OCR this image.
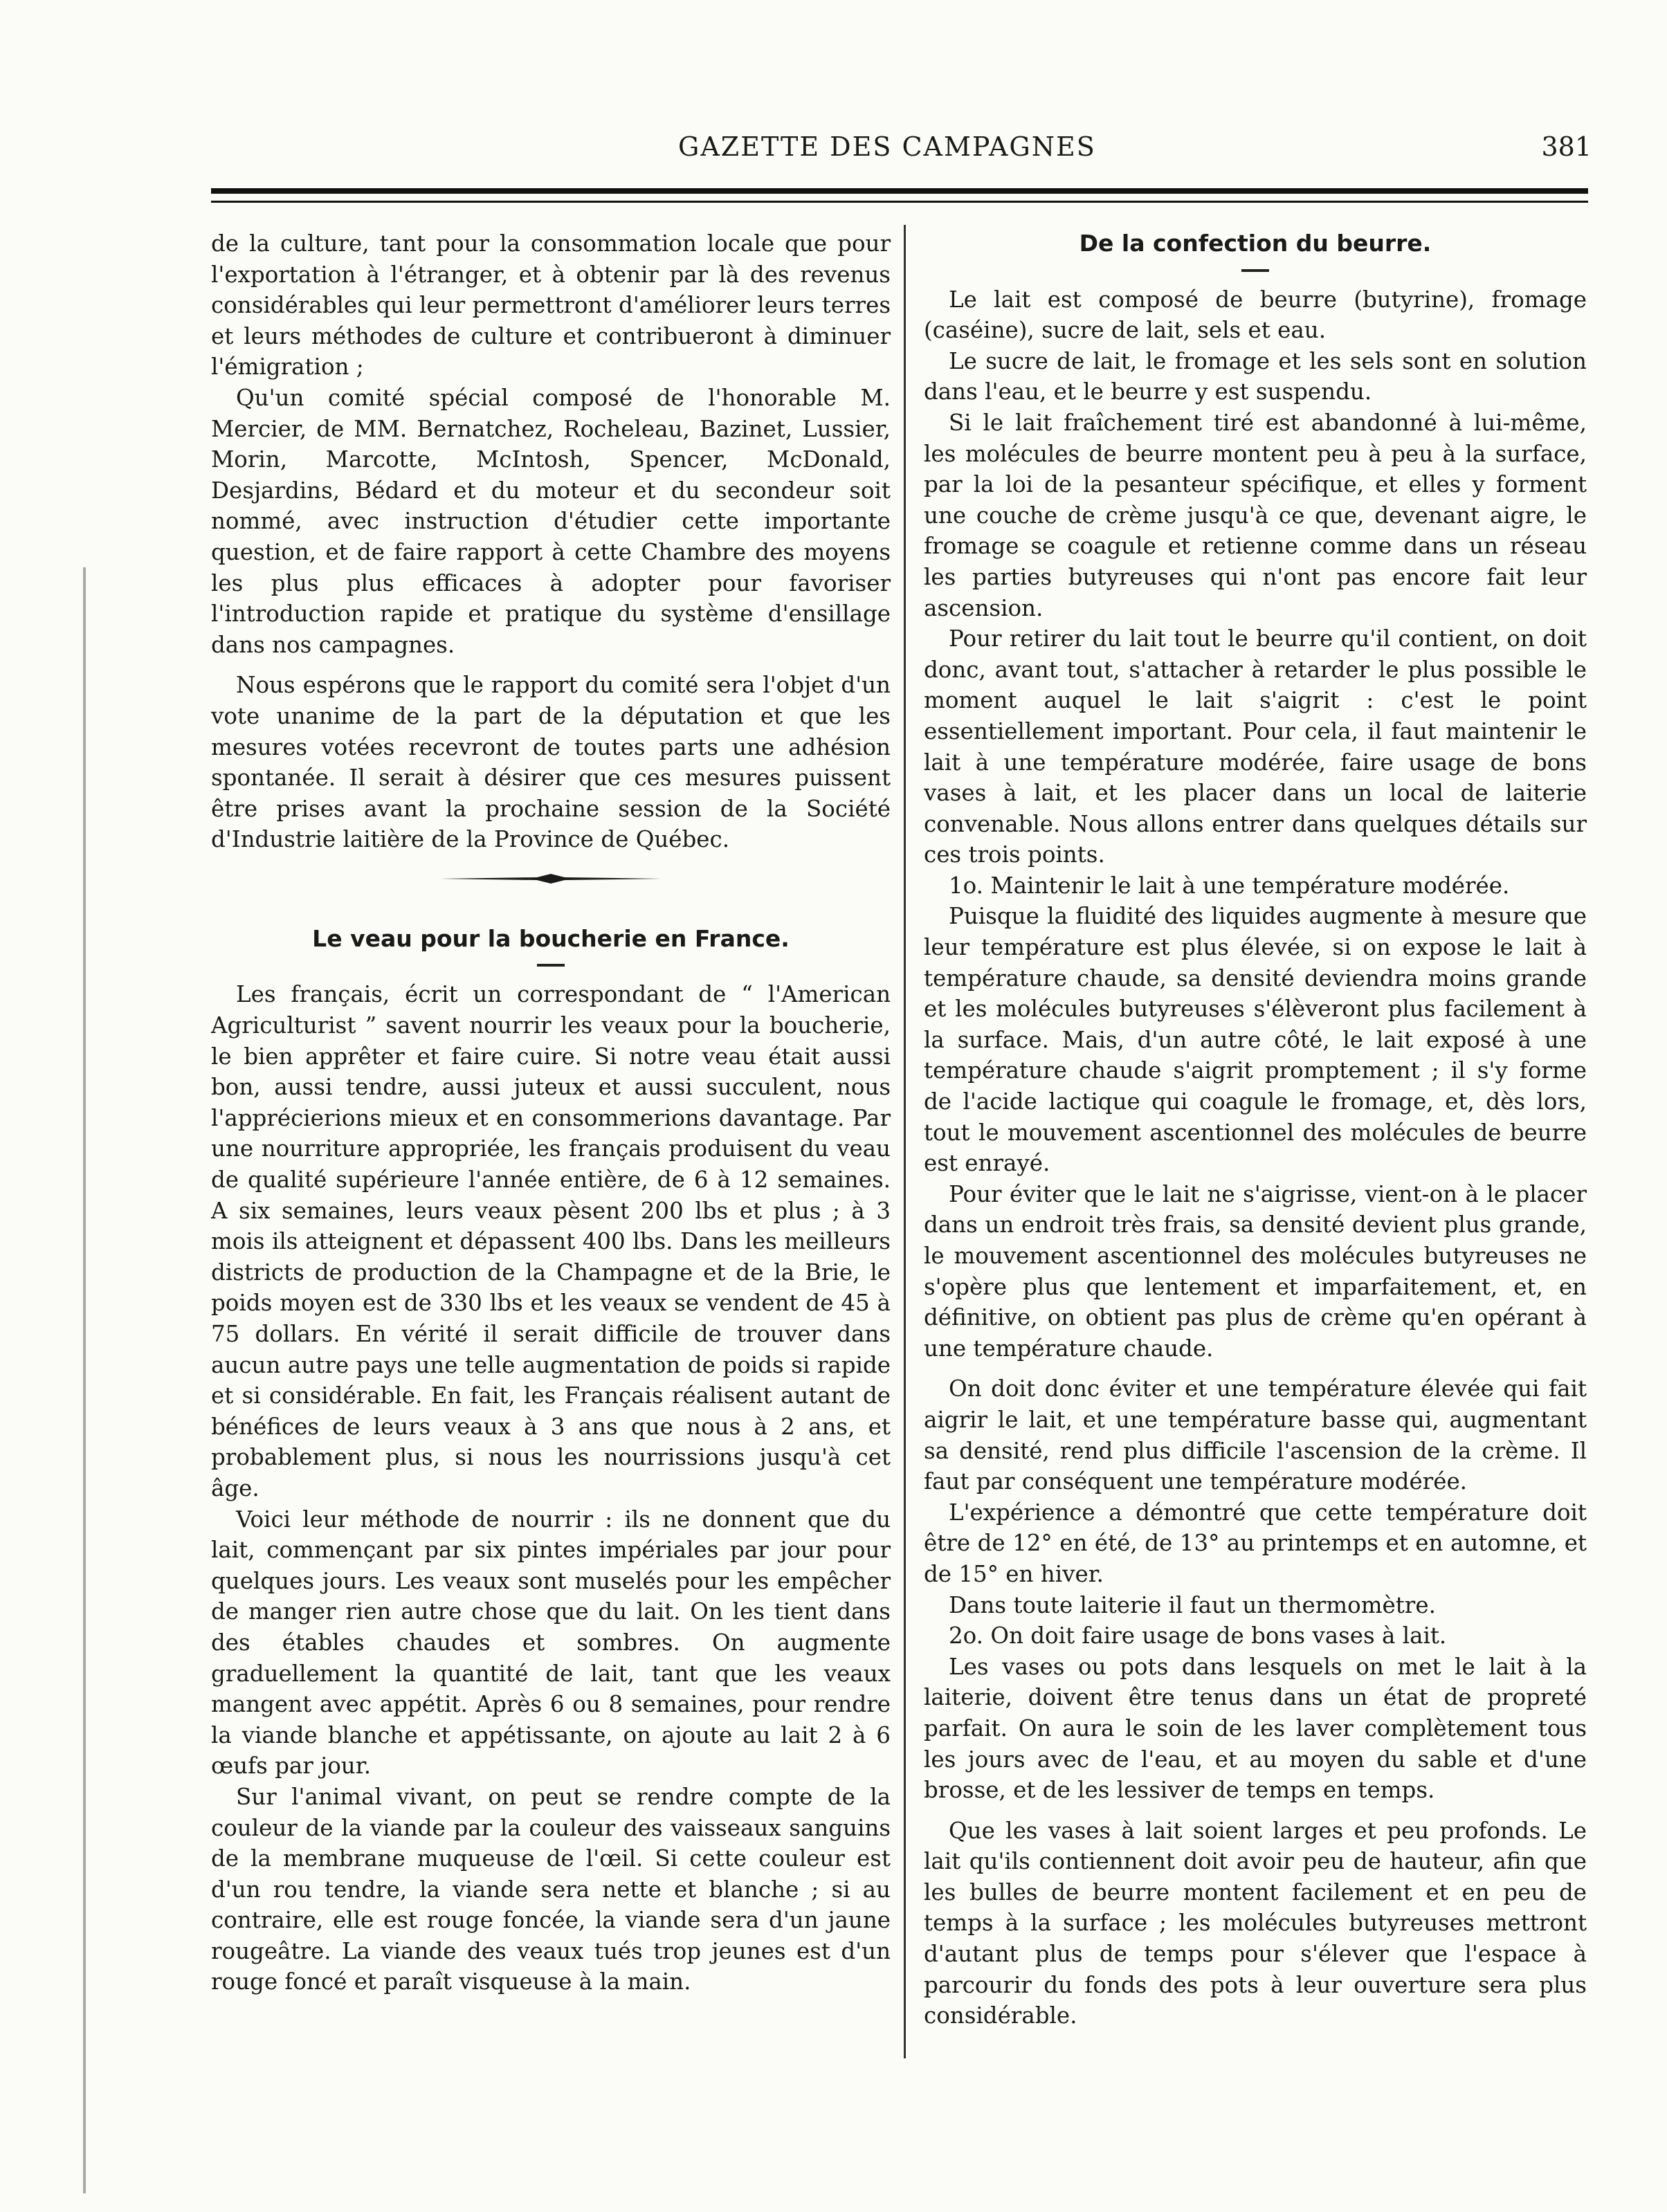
GAZETTE DES CAMPAGNES	381

de la culture, tant pour la consommation locale que pour l'exportation à l'étranger, et à obtenir par là des revenus considérables qui leur permettront d'améliorer leurs terres et leurs méthodes de culture et contribueront à diminuer l'émigration ;

Qu'un comité spécial composé de l'honorable M. Mercier, de MM. Bernatchez, Rocheleau, Bazinet, Lussier, Morin, Marcotte, McIntosh, Spencer, McDonald, Desjardins, Bédard et du moteur et du secondeur soit nommé, avec instruction d'étudier cette importante question, et de faire rapport à cette Chambre des moyens les plus plus efficaces à adopter pour favoriser l'introduction rapide et pratique du système d'ensillage dans nos campagnes.

Nous espérons que le rapport du comité sera l'objet d'un vote unanime de la part de la députation et que les mesures votées recevront de toutes parts une adhésion spontanée. Il serait à désirer que ces mesures puissent être prises avant la prochaine session de la Société d'Industrie laitière de la Province de Québec.

Le veau pour la boucherie en France.

Les français, écrit un correspondant de “ l'American Agriculturist ” savent nourrir les veaux pour la boucherie, le bien apprêter et faire cuire. Si notre veau était aussi bon, aussi tendre, aussi juteux et aussi succulent, nous l'apprécierions mieux et en consommerions davantage. Par une nourriture appropriée, les français produisent du veau de qualité supérieure l'année entière, de 6 à 12 semaines. A six semaines, leurs veaux pèsent 200 lbs et plus ; à 3 mois ils atteignent et dépassent 400 lbs. Dans les meilleurs districts de production de la Champagne et de la Brie, le poids moyen est de 330 lbs et les veaux se vendent de 45 à 75 dollars. En vérité il serait difficile de trouver dans aucun autre pays une telle augmentation de poids si rapide et si considérable. En fait, les Français réalisent autant de bénéfices de leurs veaux à 3 ans que nous à 2 ans, et probablement plus, si nous les nourrissions jusqu'à cet âge.

Voici leur méthode de nourrir : ils ne donnent que du lait, commençant par six pintes impériales par jour pour quelques jours. Les veaux sont muselés pour les empêcher de manger rien autre chose que du lait. On les tient dans des étables chaudes et sombres. On augmente graduellement la quantité de lait, tant que les veaux mangent avec appétit. Après 6 ou 8 semaines, pour rendre la viande blanche et appétissante, on ajoute au lait 2 à 6 œufs par jour.

Sur l'animal vivant, on peut se rendre compte de la couleur de la viande par la couleur des vaisseaux sanguins de la membrane muqueuse de l'œil. Si cette couleur est d'un rou tendre, la viande sera nette et blanche ; si au contraire, elle est rouge foncée, la viande sera d'un jaune rougeâtre. La viande des veaux tués trop jeunes est d'un rouge foncé et paraît visqueuse à la main.

De la confection du beurre.

Le lait est composé de beurre (butyrine), fromage (caséine), sucre de lait, sels et eau.

Le sucre de lait, le fromage et les sels sont en solution dans l'eau, et le beurre y est suspendu.

Si le lait fraîchement tiré est abandonné à lui-même, les molécules de beurre montent peu à peu à la surface, par la loi de la pesanteur spécifique, et elles y forment une couche de crème jusqu'à ce que, devenant aigre, le fromage se coagule et retienne comme dans un réseau les parties butyreuses qui n'ont pas encore fait leur ascension.

Pour retirer du lait tout le beurre qu'il contient, on doit donc, avant tout, s'attacher à retarder le plus possible le moment auquel le lait s'aigrit : c'est le point essentiellement important. Pour cela, il faut maintenir le lait à une température modérée, faire usage de bons vases à lait, et les placer dans un local de laiterie convenable. Nous allons entrer dans quelques détails sur ces trois points.

1o. Maintenir le lait à une température modérée.

Puisque la fluidité des liquides augmente à mesure que leur température est plus élevée, si on expose le lait à température chaude, sa densité deviendra moins grande et les molécules butyreuses s'élèveront plus facilement à la surface. Mais, d'un autre côté, le lait exposé à une température chaude s'aigrit promptement ; il s'y forme de l'acide lactique qui coagule le fromage, et, dès lors, tout le mouvement ascentionnel des molécules de beurre est enrayé.

Pour éviter que le lait ne s'aigrisse, vient-on à le placer dans un endroit très frais, sa densité devient plus grande, le mouvement ascentionnel des molécules butyreuses ne s'opère plus que lentement et imparfaitement, et, en définitive, on obtient pas plus de crème qu'en opérant à une température chaude.

On doit donc éviter et une température élevée qui fait aigrir le lait, et une température basse qui, augmentant sa densité, rend plus difficile l'ascension de la crème. Il faut par conséquent une température modérée.

L'expérience a démontré que cette température doit être de 12° en été, de 13° au printemps et en automne, et de 15° en hiver.

Dans toute laiterie il faut un thermomètre.

2o. On doit faire usage de bons vases à lait.

Les vases ou pots dans lesquels on met le lait à la laiterie, doivent être tenus dans un état de propreté parfait. On aura le soin de les laver complètement tous les jours avec de l'eau, et au moyen du sable et d'une brosse, et de les lessiver de temps en temps.

Que les vases à lait soient larges et peu profonds. Le lait qu'ils contiennent doit avoir peu de hauteur, afin que les bulles de beurre montent facilement et en peu de temps à la surface ; les molécules butyreuses mettront d'autant plus de temps pour s'élever que l'espace à parcourir du fonds des pots à leur ouverture sera plus considérable.
